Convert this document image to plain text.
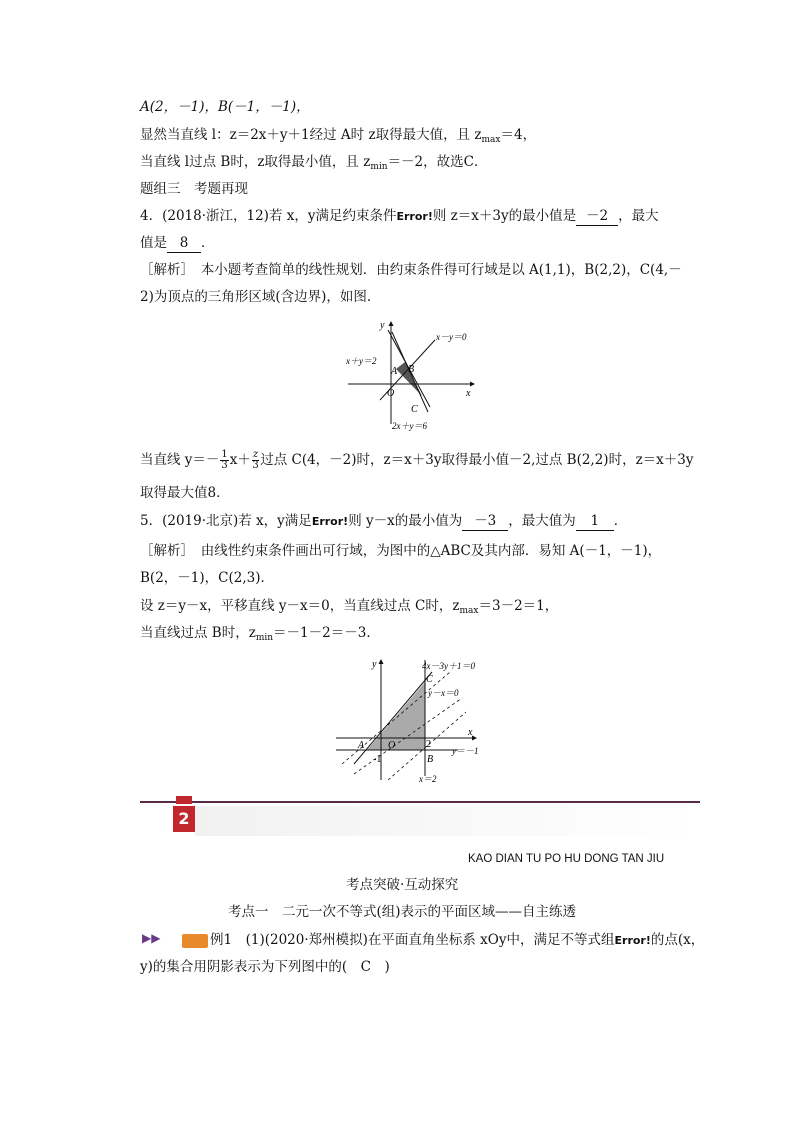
A(2，－1)，B(－1，－1)，
显然当直线 l：z＝2x＋y＋1经过 A时 z取得最大值，且 $z_{max}=4$，
当直线 l过点 B时，z取得最小值，且 $z_{min}=-2$，故选C．
题组三　考题再现
4．(2018·浙江，12)若 x，y满足约束条件Error!则 z＝x＋3y的最小值是 －2 ，最大
值是 8 ．
［解析］　本小题考查简单的线性规划．由约束条件得可行域是以 A(1,1)，B(2,2)，C(4,－
2)为顶点的三角形区域(含边界)，如图．
y
x
O
A B
C
x－y＝0
x＋y＝2
2x＋y＝6
当直线 $y=- \frac{1}{3} x+ \frac{z}{3}$ 过点 C(4，－2)时，z＝x＋3y取得最小值－2,过点 B(2,2)时，z＝x＋3y
取得最大值8．
5．(2019·北京)若 x，y满足Error!则 y－x的最小值为 －3 ，最大值为 1 ．
［解析］　由线性约束条件画出可行域，为图中的△ABC及其内部．易知 A(－1，－1)，
B(2，－1)，C(2,3)．
设 z＝y－x，平移直线 y－x＝0，当直线过点 C时，$z_{max}=3-2=1$，
当直线过点 B时，$z_{min}=-1-2=-3$．
y
x
O
A
B
C
-1
2
4x－3y＋1＝0
y－x＝0
y＝－1
x＝2
2
KAO DIAN TU PO HU DONG TAN JIU
考点突破·互动探究
考点一　二元一次不等式(组)表示的平面区域——自主练透
▶▶	例1　(1)(2020·郑州模拟)在平面直角坐标系 xOy中，满足不等式组Error!的点(x，
y)的集合用阴影表示为下列图中的(　C　)
